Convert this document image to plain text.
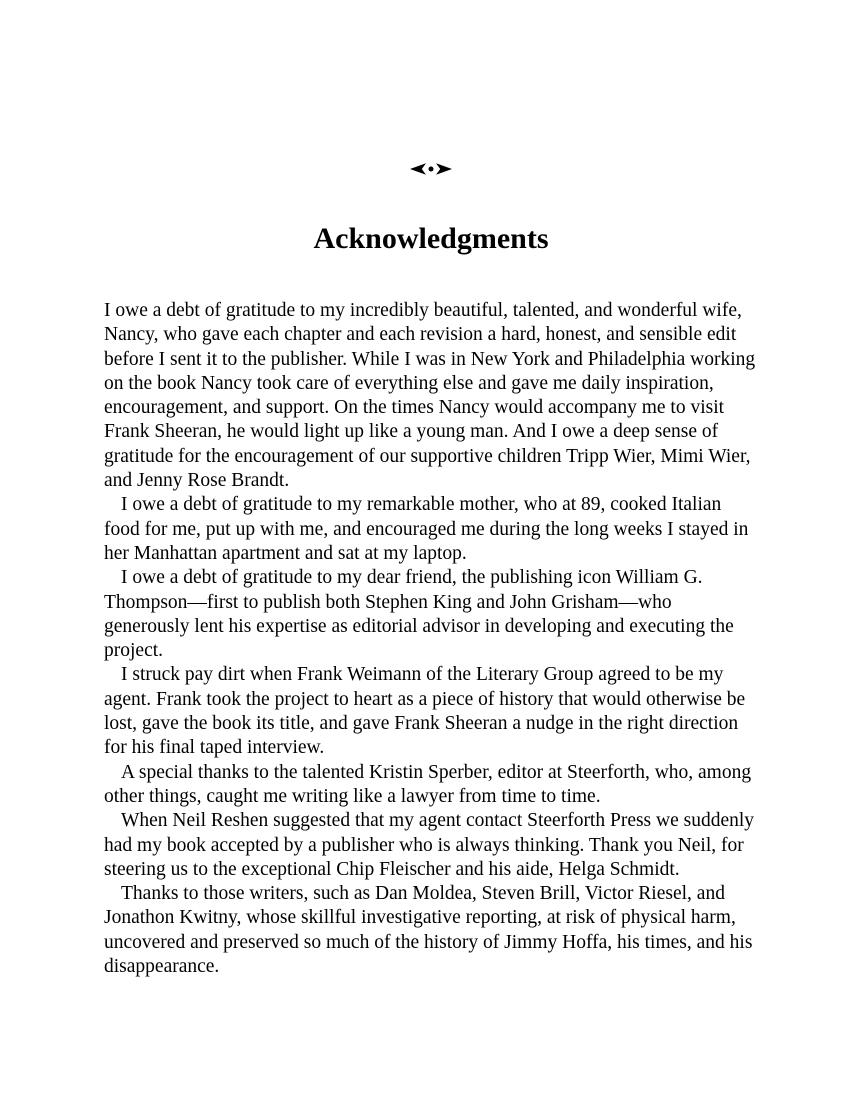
Acknowledgments

I owe a debt of gratitude to my incredibly beautiful, talented, and wonderful wife, Nancy, who gave each chapter and each revision a hard, honest, and sensible edit before I sent it to the publisher. While I was in New York and Philadelphia working on the book Nancy took care of everything else and gave me daily inspiration, encouragement, and support. On the times Nancy would accompany me to visit Frank Sheeran, he would light up like a young man. And I owe a deep sense of gratitude for the encouragement of our supportive children Tripp Wier, Mimi Wier, and Jenny Rose Brandt.

I owe a debt of gratitude to my remarkable mother, who at 89, cooked Italian food for me, put up with me, and encouraged me during the long weeks I stayed in her Manhattan apartment and sat at my laptop.

I owe a debt of gratitude to my dear friend, the publishing icon William G. Thompson—first to publish both Stephen King and John Grisham—who generously lent his expertise as editorial advisor in developing and executing the project.

I struck pay dirt when Frank Weimann of the Literary Group agreed to be my agent. Frank took the project to heart as a piece of history that would otherwise be lost, gave the book its title, and gave Frank Sheeran a nudge in the right direction for his final taped interview.

A special thanks to the talented Kristin Sperber, editor at Steerforth, who, among other things, caught me writing like a lawyer from time to time.

When Neil Reshen suggested that my agent contact Steerforth Press we suddenly had my book accepted by a publisher who is always thinking. Thank you Neil, for steering us to the exceptional Chip Fleischer and his aide, Helga Schmidt.

Thanks to those writers, such as Dan Moldea, Steven Brill, Victor Riesel, and Jonathon Kwitny, whose skillful investigative reporting, at risk of physical harm, uncovered and preserved so much of the history of Jimmy Hoffa, his times, and his disappearance.
